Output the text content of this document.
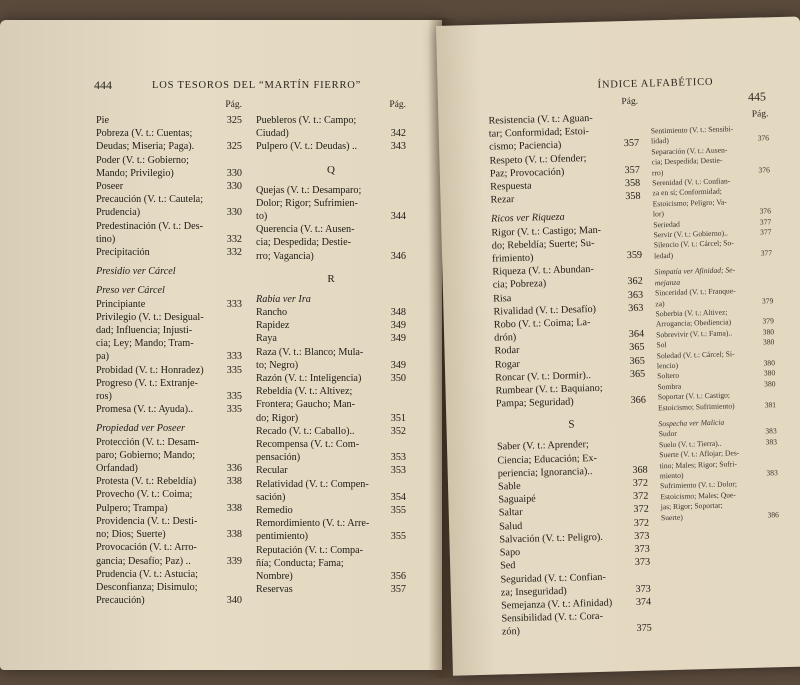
444	LOS TESOROS DEL “MARTÍN FIERRO”
Pág.
Pie	325
Pobreza (V. t.: Cuentas;
Deudas; Miseria; Paga).	325
Poder (V. t.: Gobierno;
Mando; Privilegio)	330
Poseer	330
Precaución (V. t.: Cautela;
Prudencia)	330
Predestinación (V. t.: Des-
tino)	332
Precipitación	332
Presidio ver Cárcel
Preso ver Cárcel
Principiante	333
Privilegio (V. t.: Desigual-
dad; Influencia; Injusti-
cia; Ley; Mando; Tram-
pa)	333
Probidad (V. t.: Honradez)	335
Progreso (V. t.: Extranje-
ros)	335
Promesa (V. t.: Ayuda)..	335
Propiedad ver Poseer
Protección (V. t.: Desam-
paro; Gobierno; Mando;
Orfandad)	336
Protesta (V. t.: Rebeldía)	338
Provecho (V. t.: Coima;
Pulpero; Trampa)	338
Providencia (V. t.: Desti-
no; Dios; Suerte)	338
Provocación (V. t.: Arro-
gancia; Desafío; Paz) ..	339
Prudencia (V. t.: Astucia;
Desconfianza; Disimulo;
Precaución)	340
Pág.
Puebleros (V. t.: Campo;
Ciudad)	342
Pulpero (V. t.: Deudas) ..	343
Q
Quejas (V. t.: Desamparo;
Dolor; Rigor; Sufrimien-
to)	344
Querencia (V. t.: Ausen-
cia; Despedida; Destie-
rro; Vagancia)	346
R
Rabia ver Ira
Rancho	348
Rapidez	349
Raya	349
Raza (V. t.: Blanco; Mula-
to; Negro)	349
Razón (V. t.: Inteligencia)	350
Rebeldía (V. t.: Altivez;
Frontera; Gaucho; Man-
do; Rigor)	351
Recado (V. t.: Caballo)..	352
Recompensa (V. t.: Com-
pensación)	353
Recular	353
Relatividad (V. t.: Compen-
sación)	354
Remedio	355
Remordimiento (V. t.: Arre-
pentimiento)	355
Reputación (V. t.: Compa-
ñía; Conducta; Fama;
Nombre)	356
Reservas	357
ÍNDICE ALFABÉTICO
445
Pág.
Resistencia (V. t.: Aguan-
tar; Conformidad; Estoi-
cismo; Paciencia)	357
Respeto (V. t.: Ofender;
Paz; Provocación)	357
Respuesta	358
Rezar	358
Ricos ver Riqueza
Rigor (V. t.: Castigo; Man-
do; Rebeldía; Suerte; Su-
frimiento)	359
Riqueza (V. t.: Abundan-
cia; Pobreza)	362
Risa	363
Rivalidad (V. t.: Desafío)	363
Robo (V. t.: Coima; La-
drón)	364
Rodar	365
Rogar	365
Roncar (V. t.: Dormir)..	365
Rumbear (V. t.: Baquiano;
Pampa; Seguridad)	366
S
Saber (V. t.: Aprender;
Ciencia; Educación; Ex-
periencia; Ignorancia)..	368
Sable	372
Saguaipé	372
Saltar	372
Salud	372
Salvación (V. t.: Peligro).	373
Sapo	373
Sed	373
Seguridad (V. t.: Confian-
za; Inseguridad)	373
Semejanza (V. t.: Afinidad)	374
Sensibilidad (V. t.: Cora-
zón)	375
Pág.
Sentimiento (V. t.: Sensibi-
lidad)	376
Separación (V. t.: Ausen-
cia; Despedida; Destie-
rro)	376
Serenidad (V. t.: Confian-
za en sí; Conformidad;
Estoicismo; Peligro; Va-
lor)	376
Seriedad	377
Servir (V. t.: Gobierno)..	377
Silencio (V. t.: Cárcel; So-
ledad)	377
Simpatía ver Afinidad; Se-
mejanza
Sinceridad (V. t.: Franque-
za)	379
Soberbia (V. t.: Altivez;
Arrogancia; Obediencia)	379
Sobrevivir (V. t.: Fama)..	380
Sol	380
Soledad (V. t.: Cárcel; Si-
lencio)	380
Soltero	380
Sombra	380
Soportar (V. t.: Castigo;
Estoicismo; Sufrimiento)	381
Sospecha ver Malicia
Sudor	383
Suelo (V. t.: Tierra)..	383
Suerte (V. t.: Aflojar; Des-
tino; Males; Rigor; Sufri-
miento)	383
Sufrimiento (V. t.: Dolor;
Estoicismo; Males; Que-
jas; Rigor; Soportar;
Suerte)	386
